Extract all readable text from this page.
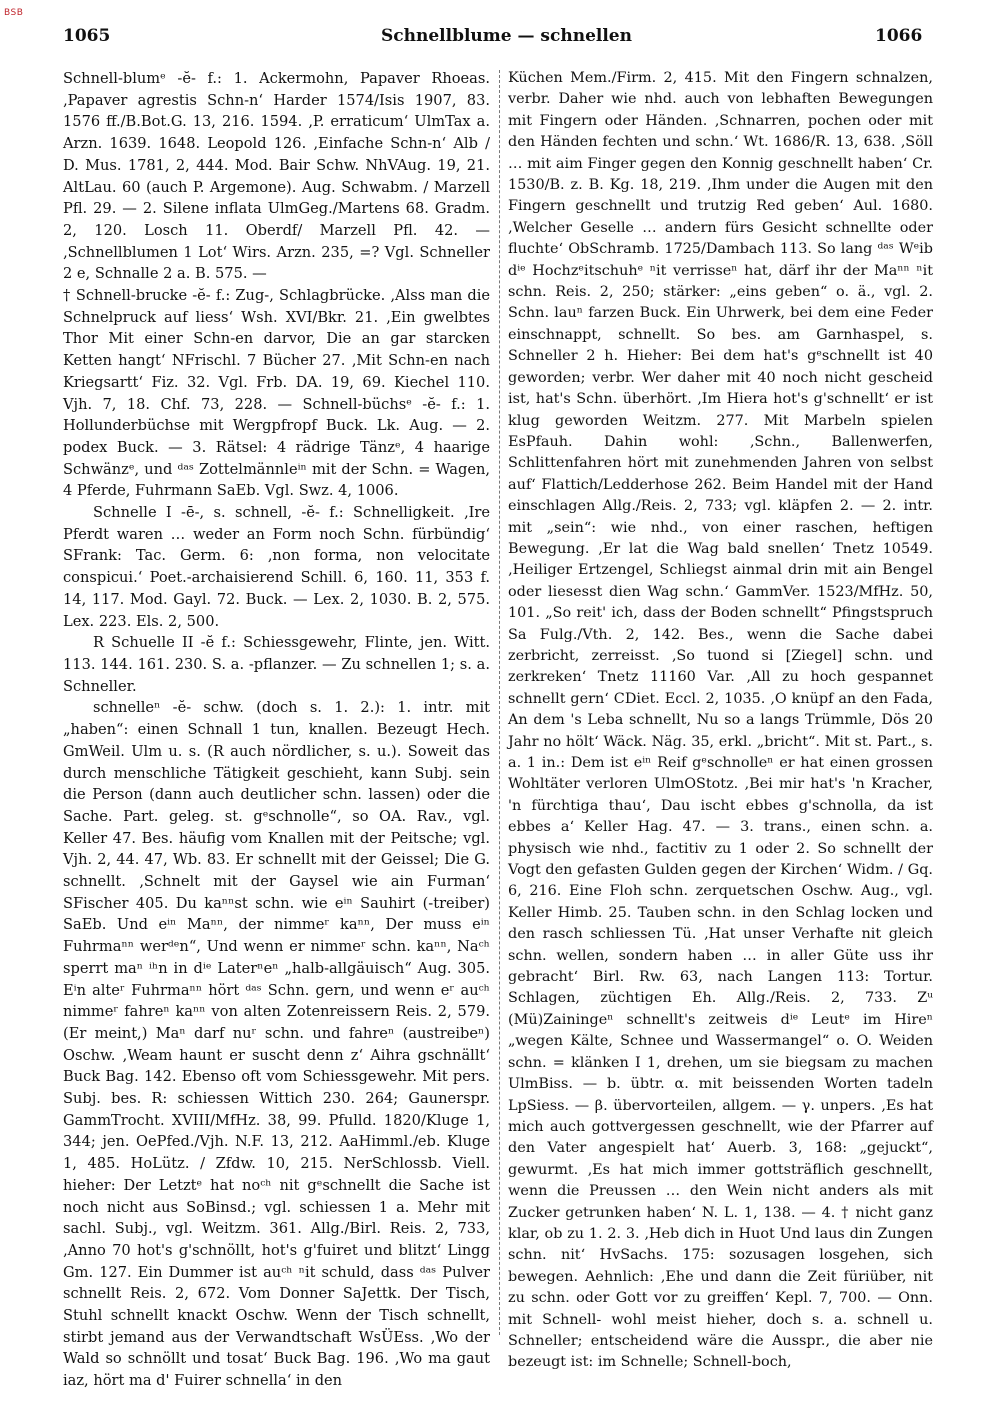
BSB
1065	Schnellblume — schnellen	1066

Schnell-blumᵉ -ĕ- f.: 1. Ackermohn, Papaver Rhoeas. ‚Papaver agrestis Schn-n‘ Harder 1574/Isis 1907, 83. 1576 ff./B.Bot.G. 13, 216. 1594. ‚P. erraticum‘ UlmTax a. Arzn. 1639. 1648. Leopold 126. ‚Einfache Schn-n‘ Alb / D. Mus. 1781, 2, 444. Mod. Bair Schw. NhVAug. 19, 21. AltLau. 60 (auch P. Argemone). Aug. Schwabm. / Marzell Pfl. 29. — 2. Silene inflata UlmGeg./Martens 68. Gradm. 2, 120. Losch 11. Oberdf/ Marzell Pfl. 42. — ‚Schnellblumen 1 Lot‘ Wirs. Arzn. 235, =? Vgl. Schneller 2 e, Schnalle 2 a. B. 575. —

† Schnell-brucke -ĕ- f.: Zug-, Schlagbrücke. ‚Alss man die Schnelpruck auf liess‘ Wsh. XVI/Bkr. 21. ‚Ein gwelbtes Thor Mit einer Schn-en darvor, Die an gar starcken Ketten hangt‘ NFrischl. 7 Bücher 27. ‚Mit Schn-en nach Kriegsartt‘ Fiz. 32. Vgl. Frb. DA. 19, 69. Kiechel 110. Vjh. 7, 18. Chf. 73, 228. — Schnell-büchsᵉ -ĕ- f.: 1. Hollunderbüchse mit Wergpfropf Buck. Lk. Aug. — 2. podex Buck. — 3. Rätsel: 4 rädrige Tänzᵉ, 4 haarige Schwänzᵉ, und ᵈᵃˢ Zottelmännleⁱⁿ mit der Schn. = Wagen, 4 Pferde, Fuhrmann SaEb. Vgl. Swz. 4, 1006.

Schnelle I -ē-, s. schnell, -ĕ- f.: Schnelligkeit. ‚Ire Pferdt waren … weder an Form noch Schn. fürbündig‘ SFrank: Tac. Germ. 6: ‚non forma, non velocitate conspicui.‘ Poet.-archaisierend Schill. 6, 160. 11, 353 f. 14, 117. Mod. Gayl. 72. Buck. — Lex. 2, 1030. B. 2, 575. Lex. 223. Els. 2, 500.

R Schuelle II -ĕ f.: Schiessgewehr, Flinte, jen. Witt. 113. 144. 161. 230. S. a. -pflanzer. — Zu schnellen 1; s. a. Schneller.

schnelleⁿ -ĕ- schw. (doch s. 1. 2.): 1. intr. mit „haben“: einen Schnall 1 tun, knallen. Bezeugt Hech. GmWeil. Ulm u. s. (R auch nördlicher, s. u.). Soweit das durch menschliche Tätigkeit geschieht, kann Subj. sein die Person (dann auch deutlicher schn. lassen) oder die Sache. Part. geleg. st. gᵉschnolle“, so OA. Rav., vgl. Keller 47. Bes. häufig vom Knallen mit der Peitsche; vgl. Vjh. 2, 44. 47, Wb. 83. Er schnellt mit der Geissel; Die G. schnellt. ‚Schnelt mit der Gaysel wie ain Furman‘ SFischer 405. Du kaⁿⁿst schn. wie eⁱⁿ Sauhirt (-treiber) SaEb. Und eⁱⁿ Maⁿⁿ, der nimmeʳ kaⁿⁿ, Der muss eⁱⁿ Fuhrmaⁿⁿ werᵈᵉn“, Und wenn er nimmeʳ schn. kaⁿⁿ, Naᶜʰ sperrt maⁿ ⁱʰn in dⁱᵉ Laterⁿeⁿ „halb-allgäuisch“ Aug. 305. Eⁱn alteʳ Fuhrmaⁿⁿ hört ᵈᵃˢ Schn. gern, und wenn eʳ auᶜʰ nimmeʳ fahreⁿ kaⁿⁿ von alten Zotenreissern Reis. 2, 579. (Er meint,) Maⁿ darf nuʳ schn. und fahreⁿ (austreibeⁿ) Oschw. ‚Weam haunt er suscht denn z‘ Aihra gschnällt‘ Buck Bag. 142. Ebenso oft vom Schiessgewehr. Mit pers. Subj. bes. R: schiessen Wittich 230. 264; Gaunerspr. GammTrocht. XVIII/MfHz. 38, 99. Pfulld. 1820/Kluge 1, 344; jen. OePfed./Vjh. N.F. 13, 212. AaHimml./eb. Kluge 1, 485. HoLütz. / Zfdw. 10, 215. NerSchlossb. Viell. hieher: Der Letztᵉ hat noᶜʰ nit gᵉschnellt die Sache ist noch nicht aus SoBinsd.; vgl. schiessen 1 a. Mehr mit sachl. Subj., vgl. Weitzm. 361. Allg./Birl. Reis. 2, 733, ‚Anno 70 hot's g'schnöllt, hot's g'fuiret und blitzt‘ Lingg Gm. 127. Ein Dummer ist auᶜʰ ⁿit schuld, dass ᵈᵃˢ Pulver schnellt Reis. 2, 672. Vom Donner SaJettk. Der Tisch, Stuhl schnellt knackt Oschw. Wenn der Tisch schnellt, stirbt jemand aus der Verwandtschaft WsÜEss. ‚Wo der Wald so schnöllt und tosat‘ Buck Bag. 196. ‚Wo ma gaut iaz, hört ma d' Fuirer schnella‘ in den

Küchen Mem./Firm. 2, 415. Mit den Fingern schnalzen, verbr. Daher wie nhd. auch von lebhaften Bewegungen mit Fingern oder Händen. ‚Schnarren, pochen oder mit den Händen fechten und schn.‘ Wt. 1686/R. 13, 638. ‚Söll … mit aim Finger gegen den Konnig geschnellt haben‘ Cr. 1530/B. z. B. Kg. 18, 219. ‚Ihm under die Augen mit den Fingern geschnellt und trutzig Red geben‘ Aul. 1680. ‚Welcher Geselle … andern fürs Gesicht schnellte oder fluchte‘ ObSchramb. 1725/Dambach 113. So lang ᵈᵃˢ Wᵉib dⁱᵉ Hochzᵉitschuhᵉ ⁿit verrisseⁿ hat, därf ihr der Maⁿⁿ ⁿit schn. Reis. 2, 250; stärker: „eins geben“ o. ä., vgl. 2. Schn. lauⁿ farzen Buck. Ein Uhrwerk, bei dem eine Feder einschnappt, schnellt. So bes. am Garnhaspel, s. Schneller 2 h. Hieher: Bei dem hat's gᵉschnellt ist 40 geworden; verbr. Wer daher mit 40 noch nicht gescheid ist, hat's Schn. überhört. ‚Im Hiera hot's g'schnellt‘ er ist klug geworden Weitzm. 277. Mit Marbeln spielen EsPfauh. Dahin wohl: ‚Schn., Ballenwerfen, Schlittenfahren hört mit zunehmenden Jahren von selbst auf‘ Flattich/Ledderhose 262. Beim Handel mit der Hand einschlagen Allg./Reis. 2, 733; vgl. kläpfen 2. — 2. intr. mit „sein“: wie nhd., von einer raschen, heftigen Bewegung. ‚Er lat die Wag bald snellen‘ Tnetz 10549. ‚Heiliger Ertzengel, Schliegst ainmal drin mit ain Bengel oder liesesst dien Wag schn.‘ GammVer. 1523/MfHz. 50, 101. „So reit' ich, dass der Boden schnellt“ Pfingstspruch Sa Fulg./Vth. 2, 142. Bes., wenn die Sache dabei zerbricht, zerreisst. ‚So tuond si [Ziegel] schn. und zerkreken‘ Tnetz 11160 Var. ‚All zu hoch gespannet schnellt gern‘ CDiet. Eccl. 2, 1035. ‚O knüpf an den Fada, An dem 's Leba schnellt, Nu so a langs Trümmle, Dös 20 Jahr no hölt‘ Wäck. Näg. 35, erkl. „bricht“. Mit st. Part., s. a. 1 in.: Dem ist eⁱⁿ Reif gᵉschnolleⁿ er hat einen grossen Wohltäter verloren UlmOStotz. ‚Bei mir hat's 'n Kracher, 'n fürchtiga thau‘, Dau ischt ebbes g'schnolla, da ist ebbes a‘ Keller Hag. 47. — 3. trans., einen schn. a. physisch wie nhd., factitiv zu 1 oder 2. So schnellt der Vogt den gefasten Gulden gegen der Kirchen‘ Widm. / Gq. 6, 216. Eine Floh schn. zerquetschen Oschw. Aug., vgl. Keller Himb. 25. Tauben schn. in den Schlag locken und den rasch schliessen Tü. ‚Hat unser Verhafte nit gleich schn. wellen, sondern haben … in aller Güte uss ihr gebracht‘ Birl. Rw. 63, nach Langen 113: Tortur. Schlagen, züchtigen Eh. Allg./Reis. 2, 733. Zᵘ (Mü)Zainingeⁿ schnellt's zeitweis dⁱᵉ Leutᵉ im Hireⁿ „wegen Kälte, Schnee und Wassermangel“ o. O. Weiden schn. = klänken I 1, drehen, um sie biegsam zu machen UlmBiss. — b. übtr. α. mit beissenden Worten tadeln LpSiess. — β. übervorteilen, allgem. — γ. unpers. ‚Es hat mich auch gottvergessen geschnellt, wie der Pfarrer auf den Vater angespielt hat‘ Auerb. 3, 168: „gejuckt“, gewurmt. ‚Es hat mich immer gottsträflich geschnellt, wenn die Preussen … den Wein nicht anders als mit Zucker getrunken haben‘ N. L. 1, 138. — 4. † nicht ganz klar, ob zu 1. 2. 3. ‚Heb dich in Huot Und laus din Zungen schn. nit‘ HvSachs. 175: sozusagen losgehen, sich bewegen. Aehnlich: ‚Ehe und dann die Zeit füriüber, nit zu schn. oder Gott vor zu greiffen‘ Kepl. 7, 700. — Onn. mit Schnell- wohl meist hieher, doch s. a. schnell u. Schneller; entscheidend wäre die Ausspr., die aber nie bezeugt ist: im Schnelle; Schnell-boch,
